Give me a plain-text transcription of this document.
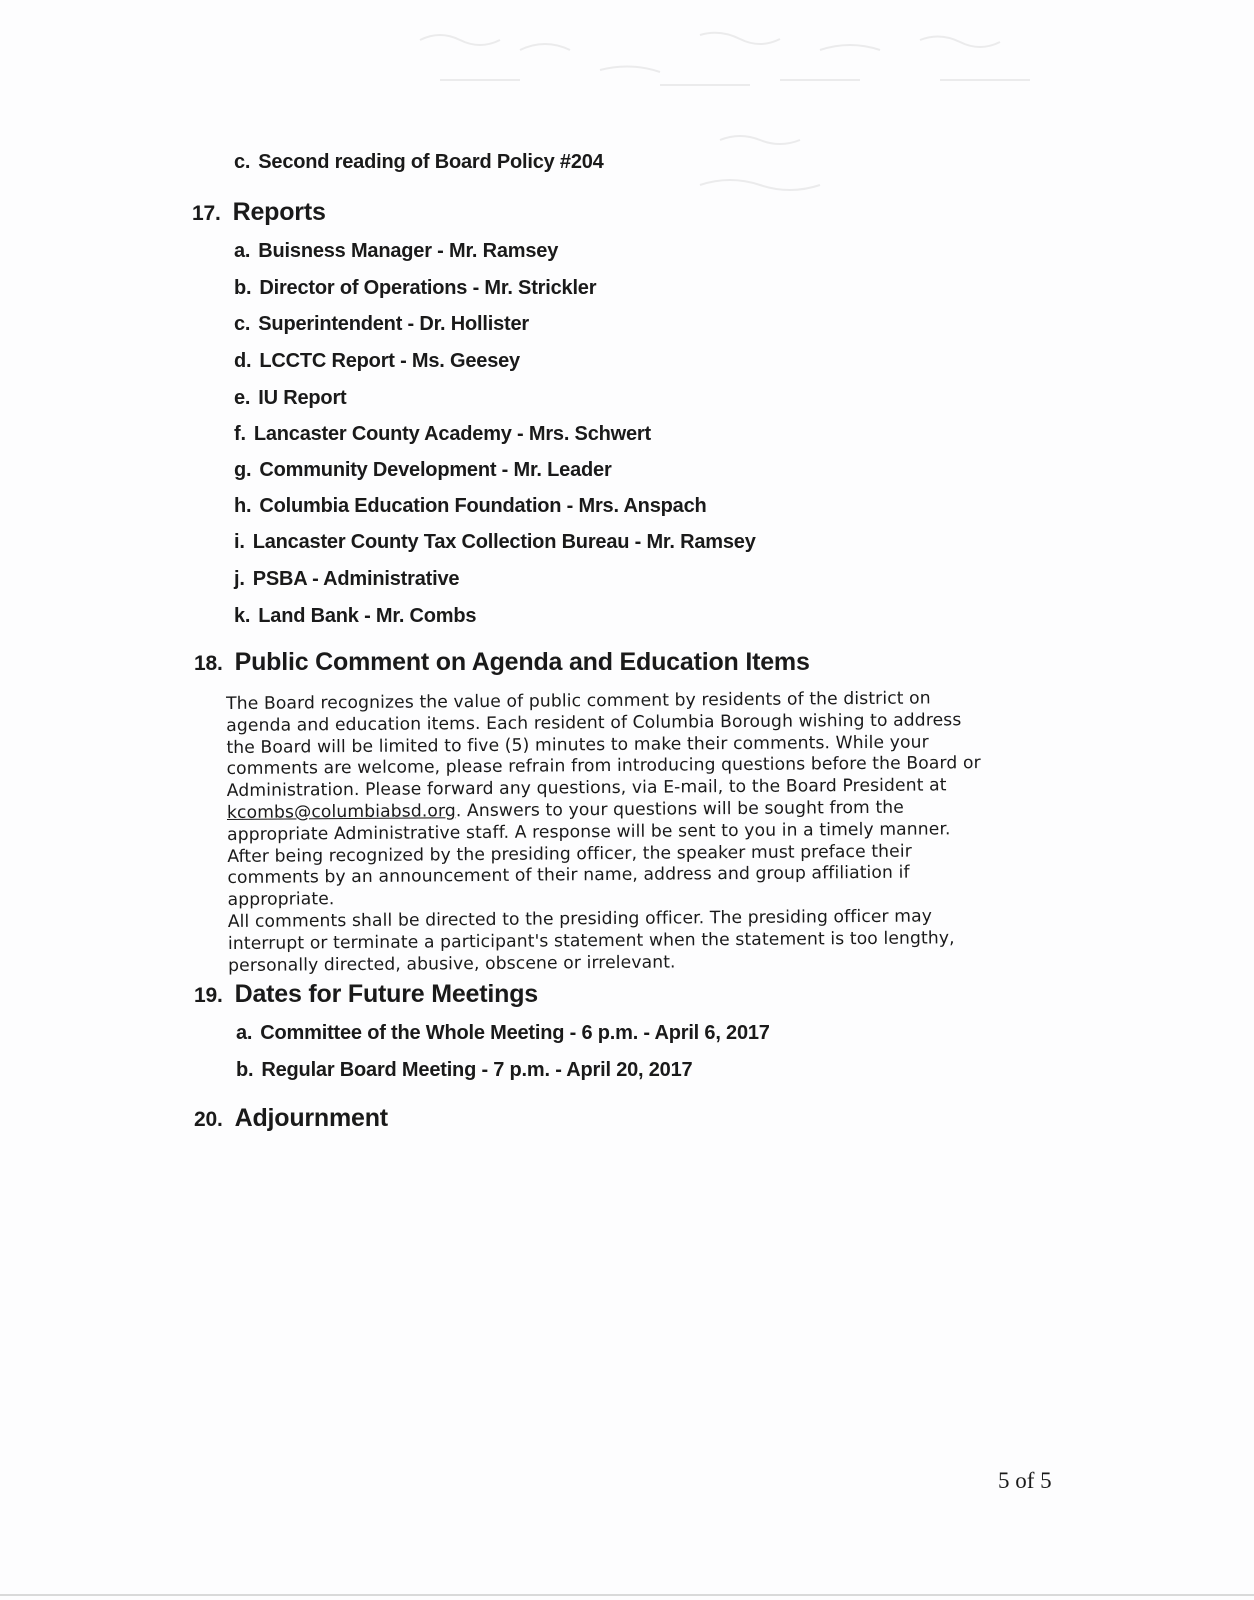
c. Second reading of Board Policy #204
17. Reports
a. Buisness Manager - Mr. Ramsey
b. Director of Operations - Mr. Strickler
c. Superintendent - Dr. Hollister
d. LCCTC Report - Ms. Geesey
e. IU Report
f. Lancaster County Academy - Mrs. Schwert
g. Community Development - Mr. Leader
h. Columbia Education Foundation - Mrs. Anspach
i. Lancaster County Tax Collection Bureau - Mr. Ramsey
j. PSBA - Administrative
k. Land Bank - Mr. Combs
18. Public Comment on Agenda and Education Items

The Board recognizes the value of public comment by residents of the district on agenda and education items. Each resident of Columbia Borough wishing to address the Board will be limited to five (5) minutes to make their comments. While your comments are welcome, please refrain from introducing questions before the Board or Administration. Please forward any questions, via E-mail, to the Board President at kcombs@columbiabsd.org. Answers to your questions will be sought from the appropriate Administrative staff. A response will be sent to you in a timely manner. After being recognized by the presiding officer, the speaker must preface their comments by an announcement of their name, address and group affiliation if appropriate.

All comments shall be directed to the presiding officer. The presiding officer may interrupt or terminate a participant's statement when the statement is too lengthy, personally directed, abusive, obscene or irrelevant.

19. Dates for Future Meetings
a. Committee of the Whole Meeting - 6 p.m. - April 6, 2017
b. Regular Board Meeting - 7 p.m. - April 20, 2017
20. Adjournment
5 of 5
